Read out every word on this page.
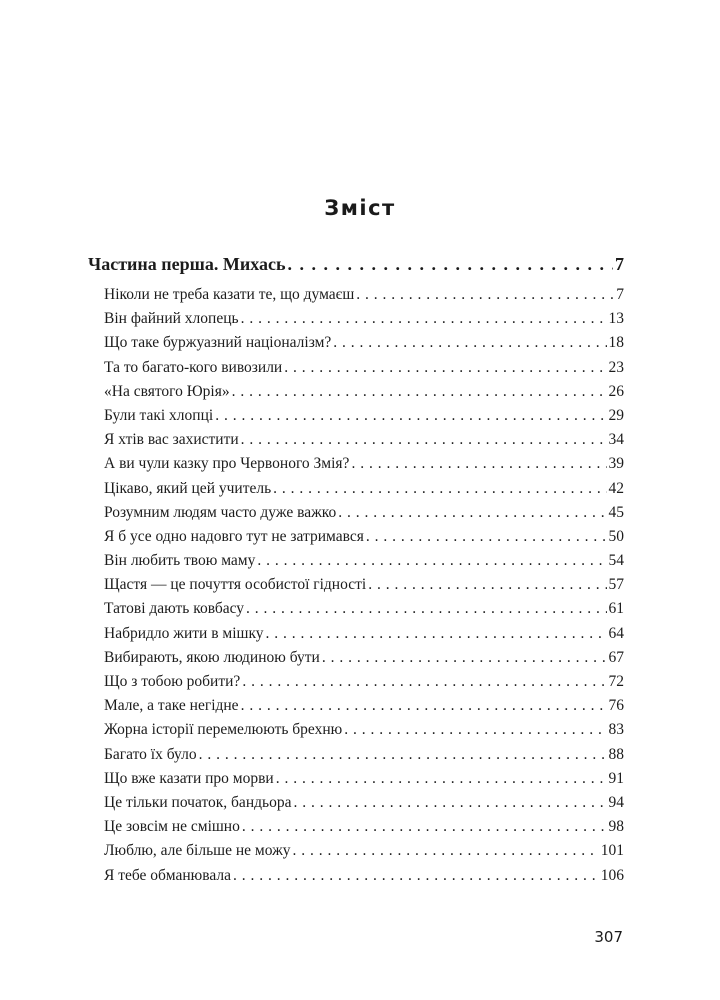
Зміст
Частина перша. Михась . . .	7
Ніколи не треба казати те, що думаєш . . .	7
Він файний хлопець . . .	13
Що таке буржуазний націоналізм? . . .	18
Та то багато-кого вивозили . . .	23
«На святого Юрія» . . .	26
Були такі хлопці . . .	29
Я хтів вас захистити . . .	34
А ви чули казку про Червоного Змія? . . .	39
Цікаво, який цей учитель . . .	42
Розумним людям часто дуже важко . . .	45
Я б усе одно надовго тут не затримався . . .	50
Він любить твою маму . . .	54
Щастя — це почуття особистої гідності . . .	57
Татові дають ковбасу . . .	61
Набридло жити в мішку . . .	64
Вибирають, якою людиною бути . . .	67
Що з тобою робити? . . .	72
Мале, а таке негідне . . .	76
Жорна історії перемелюють брехню . . .	83
Багато їх було . . .	88
Що вже казати про морви . . .	91
Це тільки початок, бандьора . . .	94
Це зовсім не смішно . . .	98
Люблю, але більше не можу . . .	101
Я тебе обманювала . . .	106
307
